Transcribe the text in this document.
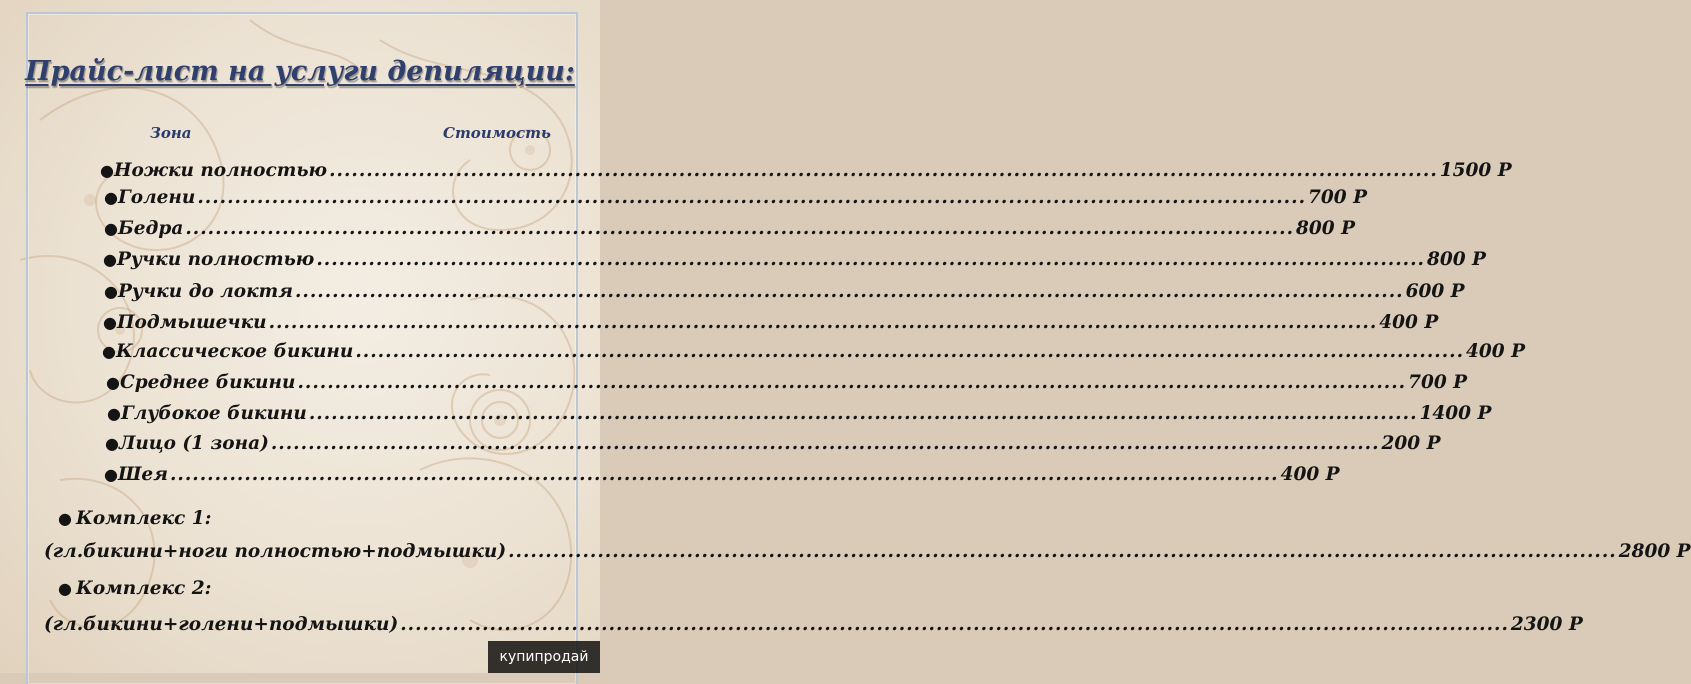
Прайс-лист на услуги депиляции:
Зона	Стоимость
● Ножки полностью .....	1500 Р
● Голени .....	700 Р
● Бедра .....	800 Р
● Ручки полностью .....	800 Р
● Ручки до локтя .....	600 Р
● Подмышечки .....	400 Р
● Классическое бикини .....	400 Р
● Среднее бикини .....	700 Р
● Глубокое бикини .....	1400 Р
● Лицо (1 зона) .....	200 Р
● Шея .....	400 Р
● Комплекс 1:
(гл.бикини+ноги полностью+подмышки) .....	2800 Р
● Комплекс 2:
(гл.бикини+голени+подмышки) .....	2300 Р
купипродай
